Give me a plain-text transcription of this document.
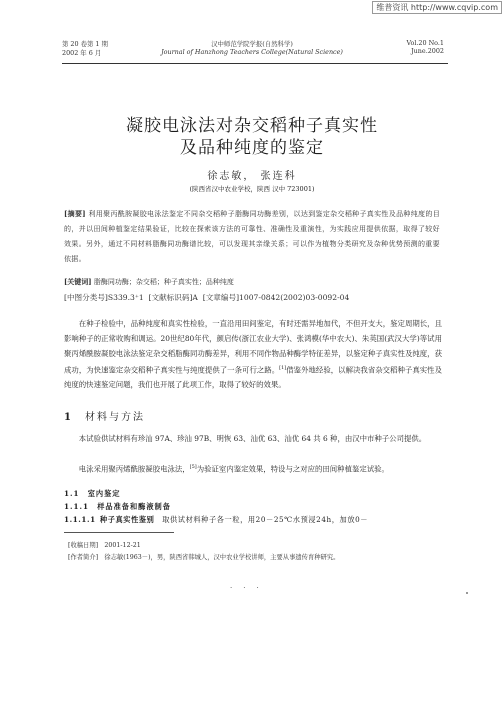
维普资讯 http://www.cqvip.com
第 20 卷第 1 期
2002 年 6 月
汉中师范学院学报(自然科学)
Journal of Hanzhong Teachers College(Natural Science)
Vol.20 No.1
June.2002
凝胶电泳法对杂交稻种子真实性
及品种纯度的鉴定
徐志敏， 张连科
(陕西省汉中农业学校，陕西 汉中 723001)
[摘要] 利用聚丙酰胺凝胶电泳法鉴定不同杂交稻种子脂酶同功酶差别，以达到鉴定杂交稻种子真实性及品种纯度的目的，并以田间种植鉴定结果验证，比较在探索该方法的可靠性、准确性及重演性，为实践应用提供依据，取得了较好效果。另外，通过不同材料脂酶同功酶谱比较，可以发现其亲缘关系；可以作为植物分类研究及杂种优势预测的重要依据。
[关键词] 脂酶同功酶；杂交稻；种子真实性；品种纯度
[中图分类号]S339.3⁺1 [文献标识码]A [文章编号]1007-0842(2002)03-0092-04
  在种子检验中，品种纯度和真实性检验，一直沿用田间鉴定，有时还需异地加代，不但开支大，鉴定周期长，且影响种子的正常收购和调运。20世纪80年代，颜启传(浙江农业大学)、张鸿模(华中农大)、朱英国(武汉大学)等试用聚丙烯酰胺凝胶电泳法鉴定杂交稻脂酶同功酶差异，利用不同作物品种酶学特征差异，以鉴定种子真实性及纯度，获成功，为快速鉴定杂交稻种子真实性与纯度提供了一条可行之路。[1]借鉴外地经验，以解决我省杂交稻种子真实性及纯度的快速鉴定问题，我们也开展了此项工作，取得了较好的效果。
1  材料与方法
  本试验供试材料有珍汕 97A、珍汕 97B、明恢 63、汕优 63、汕优 64 共 6 种，由汉中市种子公司提供。
  电泳采用聚丙烯酰胺凝胶电泳法，[5]为验证室内鉴定效果，特设与之对应的田间种植鉴定试验。
1.1　室内鉴定
1.1.1　样品准备和酶液制备
1.1.1.1  种子真实性鉴别  取供试材料种子各一粒，用20－25℃水预浸24h，加放0－
[收稿日期]  2001-12-21
[作者简介]  徐志敏(1963－)，男，陕西省韩城人，汉中农业学校讲师，主要从事遗传育种研究。
·　·　·
